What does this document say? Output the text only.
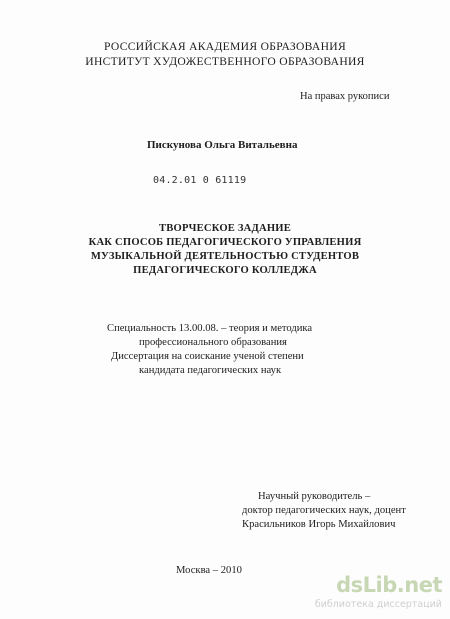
РОССИЙСКАЯ АКАДЕМИЯ ОБРАЗОВАНИЯ
ИНСТИТУТ ХУДОЖЕСТВЕННОГО ОБРАЗОВАНИЯ
На правах рукописи
Пискунова Ольга Витальевна
04.2.01 0 61119
ТВОРЧЕСКОЕ ЗАДАНИЕ
КАК СПОСОБ ПЕДАГОГИЧЕСКОГО УПРАВЛЕНИЯ
МУЗЫКАЛЬНОЙ ДЕЯТЕЛЬНОСТЬЮ СТУДЕНТОВ
ПЕДАГОГИЧЕСКОГО КОЛЛЕДЖА
Специальность 13.00.08. – теория и методика
профессионального образования
Диссертация на соискание ученой степени
кандидата педагогических наук
Научный руководитель –
доктор педагогических наук, доцент
Красильников Игорь Михайлович
Москва – 2010
dsLib.net
библиотека диссертаций
